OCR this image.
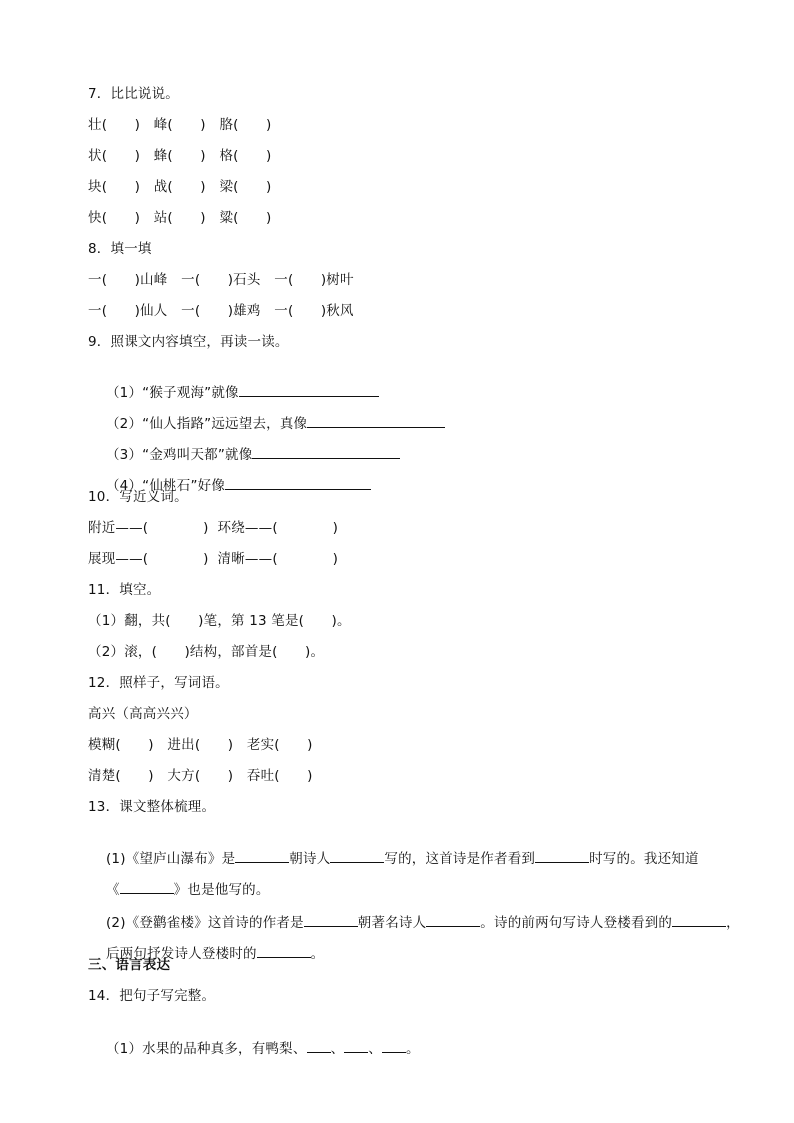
7．比比说说。
壮(　　)　峰(　　)　胳(　　)
状(　　)　蜂(　　)　格(　　)
块(　　)　战(　　)　梁(　　)
快(　　)　站(　　)　粱(　　)
8．填一填
一(　　)山峰　一(　　)石头　一(　　)树叶
一(　　)仙人　一(　　)雄鸡　一(　　)秋风
9．照课文内容填空，再读一读。

（1）“猴子观海”就像

（2）“仙人指路”远远望去，真像

（3）“金鸡叫天都”就像

（4）“仙桃石”好像

10．写近义词。
附近——(　　　　)  环绕——(　　　　)
展现——(　　　　)  清晰——(　　　　)
11．填空。
（1）翻，共(　　)笔，第 13 笔是(　　)。
（2）滚，(　　)结构，部首是(　　)。
12．照样子，写词语。
高兴（高高兴兴）
模糊(　　)　进出(　　)　老实(　　)
清楚(　　)　大方(　　)　吞吐(　　)
13．课文整体梳理。

(1)《望庐山瀑布》是	朝诗人	写的，这首诗是作者看到	时写的。我还知道

《	》也是他写的。

(2)《登鹳雀楼》这首诗的作者是	朝著名诗人	。诗的前两句写诗人登楼看到的	，

后两句抒发诗人登楼时的	。

三、语言表达
14．把句子写完整。

（1）水果的品种真多，有鸭梨、 、 、 。
